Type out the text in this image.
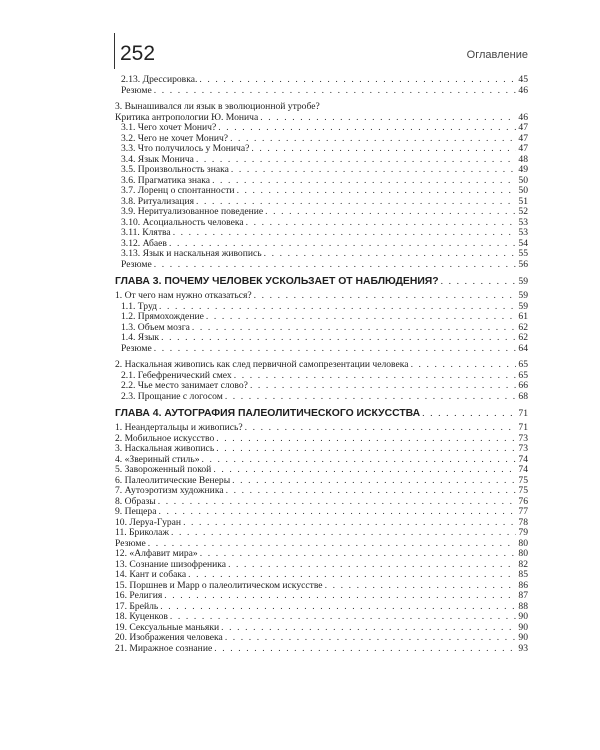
252	Оглавление
2.13. Дрессировка. . . .	45
Резюме . . .	46
3. Вынашивался ли язык в эволюционной утробе?
Критика антропологии Ю. Монича . . .	46
3.1. Чего хочет Монич? . . .	47
3.2. Чего не хочет Монич? . . .	47
3.3. Что получилось у Монича? . . .	47
3.4. Язык Монича . . .	48
3.5. Произвольность знака . . .	49
3.6. Прагматика знака . . .	50
3.7. Лоренц о спонтанности . . .	50
3.8. Ритуализация . . .	51
3.9. Неритуализованное поведение . . .	52
3.10. Асоциальность человека . . .	53
3.11. Клятва . . .	53
3.12. Абаев . . .	54
3.13. Язык и наскальная живопись . . .	55
Резюме . . .	56
ГЛАВА 3. ПОЧЕМУ ЧЕЛОВЕК УСКОЛЬЗАЕТ ОТ НАБЛЮДЕНИЯ? . . .	59
1. От чего нам нужно отказаться? . . .	59
1.1. Труд . . .	59
1.2. Прямохождение . . .	61
1.3. Объем мозга . . .	62
1.4. Язык . . .	62
Резюме . . .	64
2. Наскальная живопись как след первичной самопрезентации человека . . .	65
2.1. Гебефренический смех . . .	65
2.2. Чье место занимает слово? . . .	66
2.3. Прощание с логосом . . .	68
ГЛАВА 4. АУТОГРАФИЯ ПАЛЕОЛИТИЧЕСКОГО ИСКУССТВА . . .	71
1. Неандертальцы и живопись? . . .	71
2. Мобильное искусство . . .	73
3. Наскальная живопись . . .	73
4. «Звериный стиль» . . .	74
5. Завороженный покой . . .	74
6. Палеолитические Венеры . . .	75
7. Аутоэротизм художника . . .	75
8. Образы . . .	76
9. Пещера . . .	77
10. Леруа-Гуран . . .	78
11. Бриколаж . . .	79
Резюме . . .	80
12. «Алфавит мира» . . .	80
13. Сознание шизофреника . . .	82
14. Кант и собака . . .	85
15. Поршнев и Марр о палеолитическом искусстве . . .	86
16. Религия . . .	87
17. Брейль . . .	88
18. Куценков . . .	90
19. Сексуальные маньяки . . .	90
20. Изображения человека . . .	90
21. Миражное сознание . . .	93
